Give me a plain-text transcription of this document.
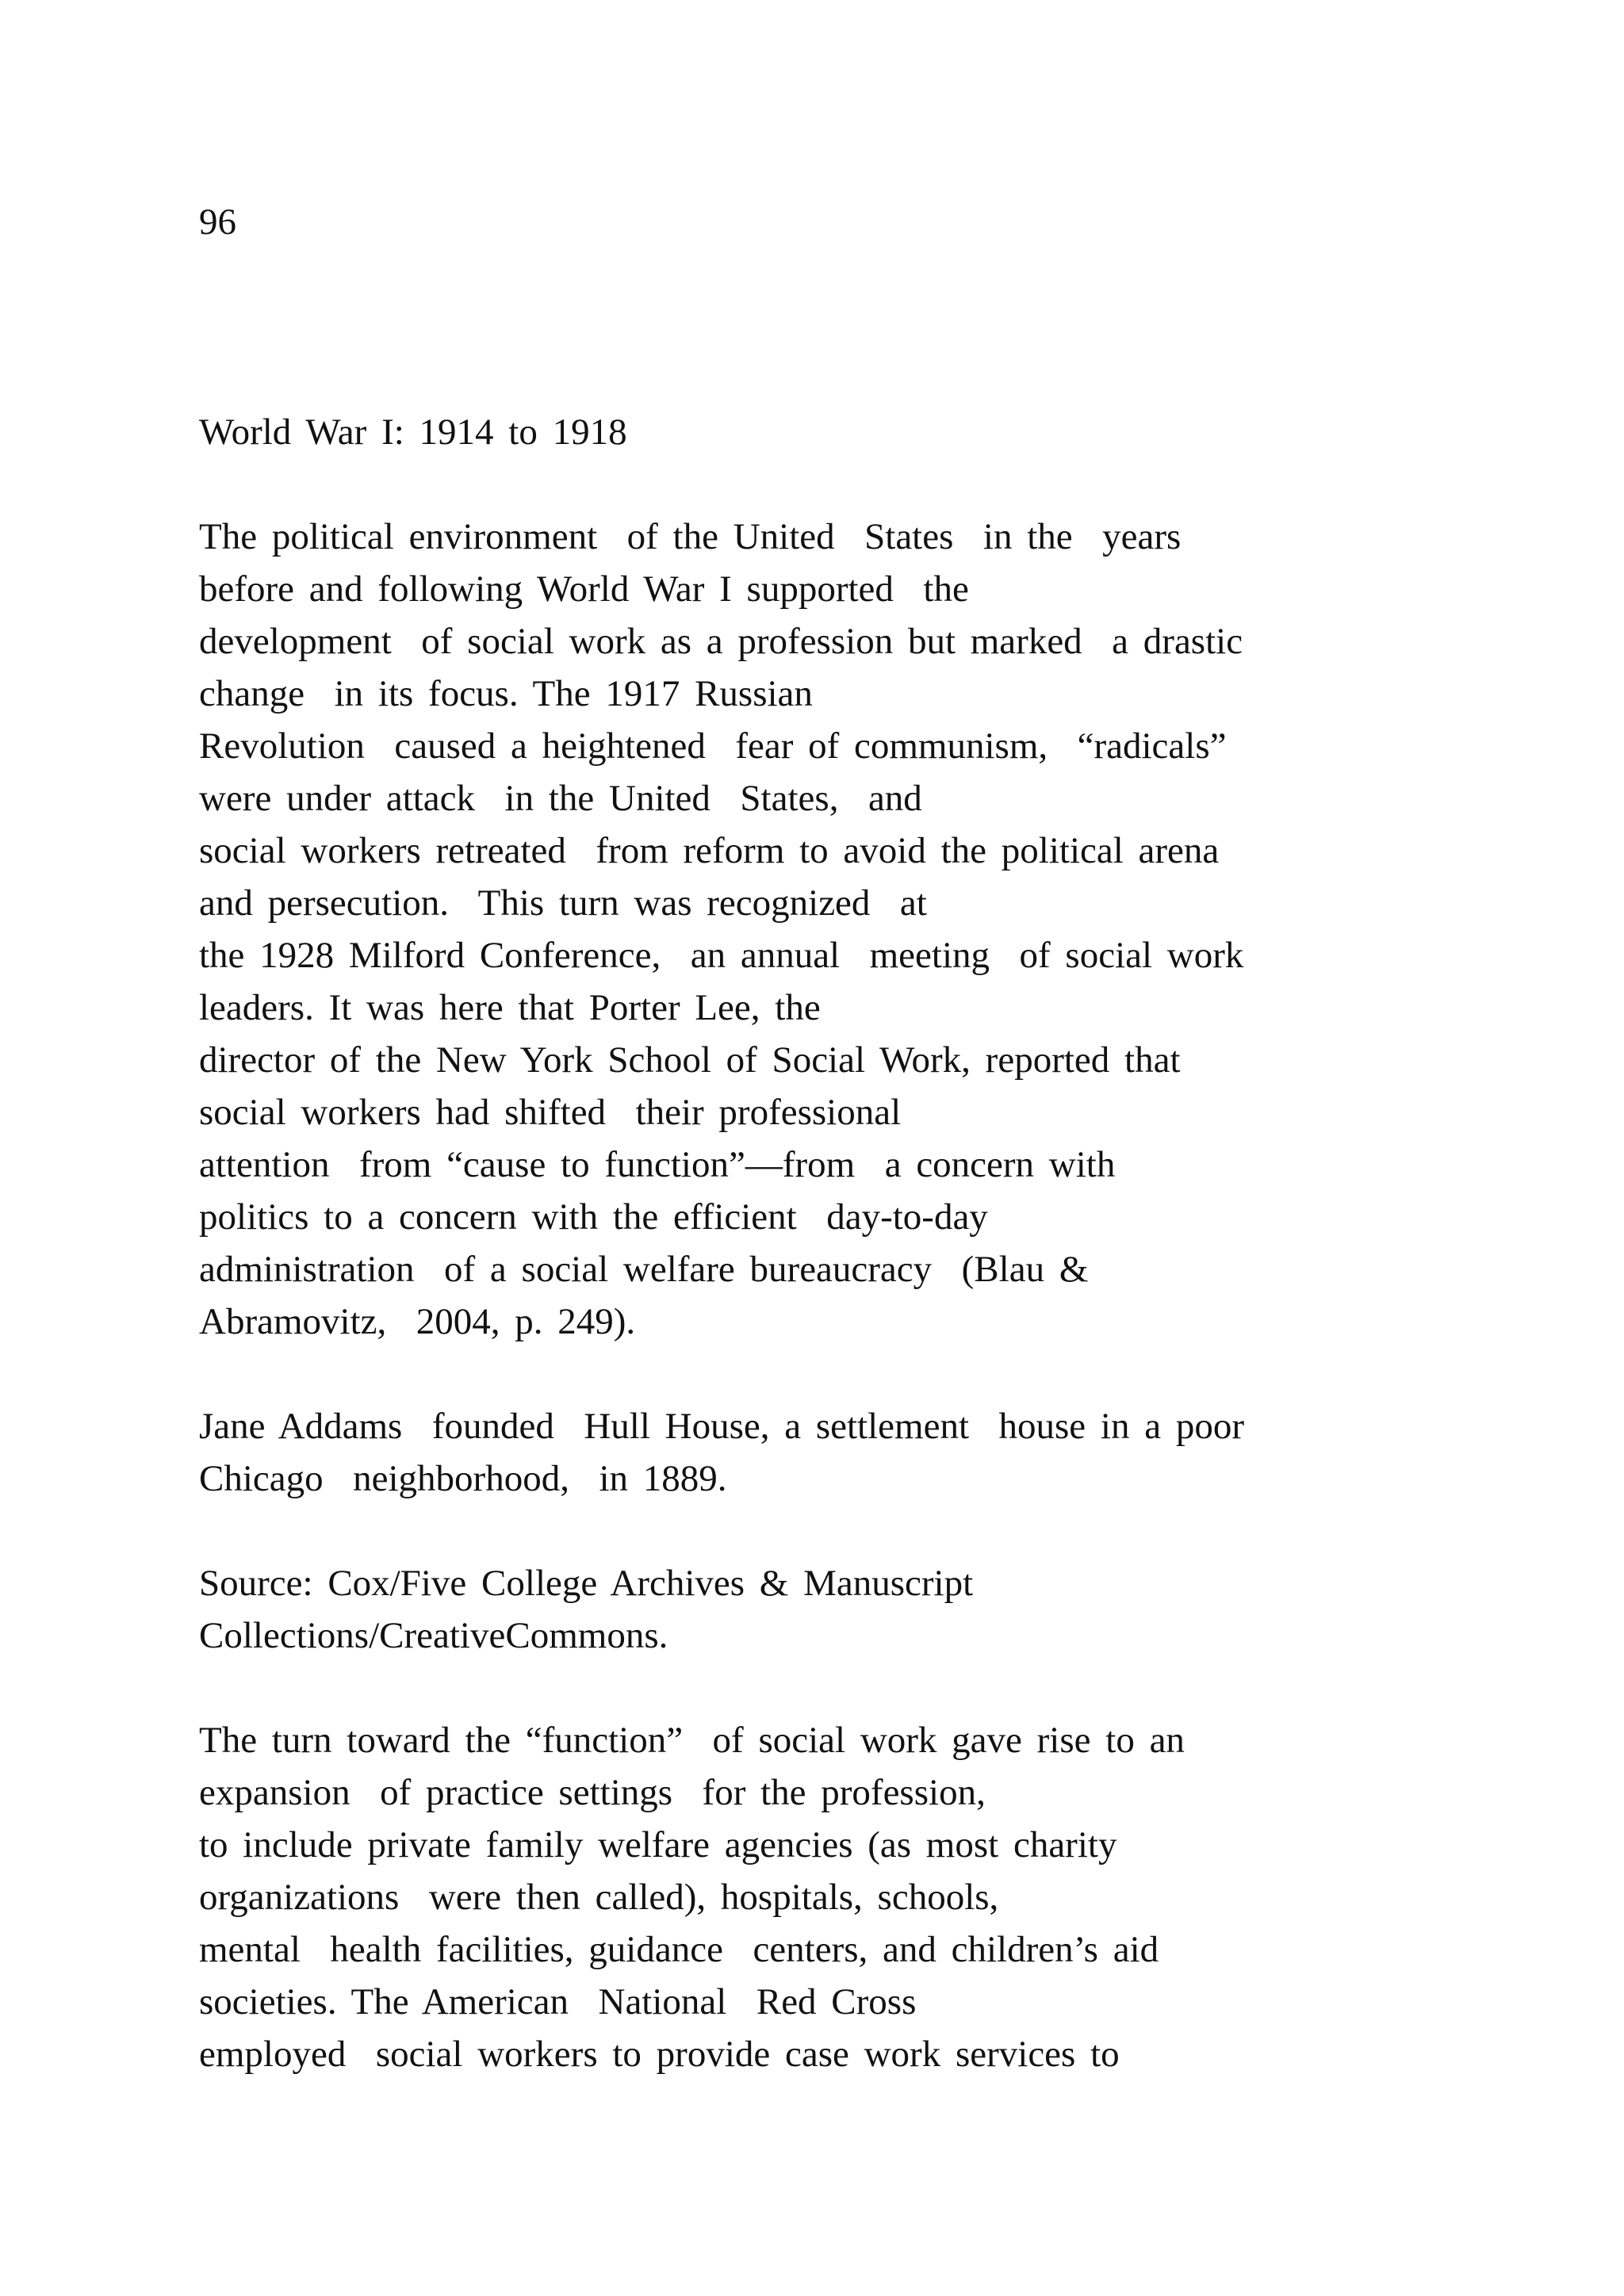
96
World War I: 1914 to 1918
The political environment  of the United  States  in the  years
before and following World War I supported  the
development  of social work as a profession but marked  a drastic
change  in its focus. The 1917 Russian
Revolution  caused a heightened  fear of communism,  “radicals”
were under attack  in the United  States,  and
social workers retreated  from reform to avoid the political arena
and persecution.  This turn was recognized  at
the 1928 Milford Conference,  an annual  meeting  of social work
leaders. It was here that Porter Lee, the
director of the New York School of Social Work, reported that
social workers had shifted  their professional
attention  from “cause to function”—from  a concern with
politics to a concern with the efficient  day-to-day
administration  of a social welfare bureaucracy  (Blau &
Abramovitz,  2004, p. 249).
Jane Addams  founded  Hull House, a settlement  house in a poor
Chicago  neighborhood,  in 1889.
Source: Cox/Five College Archives & Manuscript
Collections/CreativeCommons.
The turn toward the “function”  of social work gave rise to an
expansion  of practice settings  for the profession,
to include private family welfare agencies (as most charity
organizations  were then called), hospitals, schools,
mental  health facilities, guidance  centers, and children’s aid
societies. The American  National  Red Cross
employed  social workers to provide case work services to
